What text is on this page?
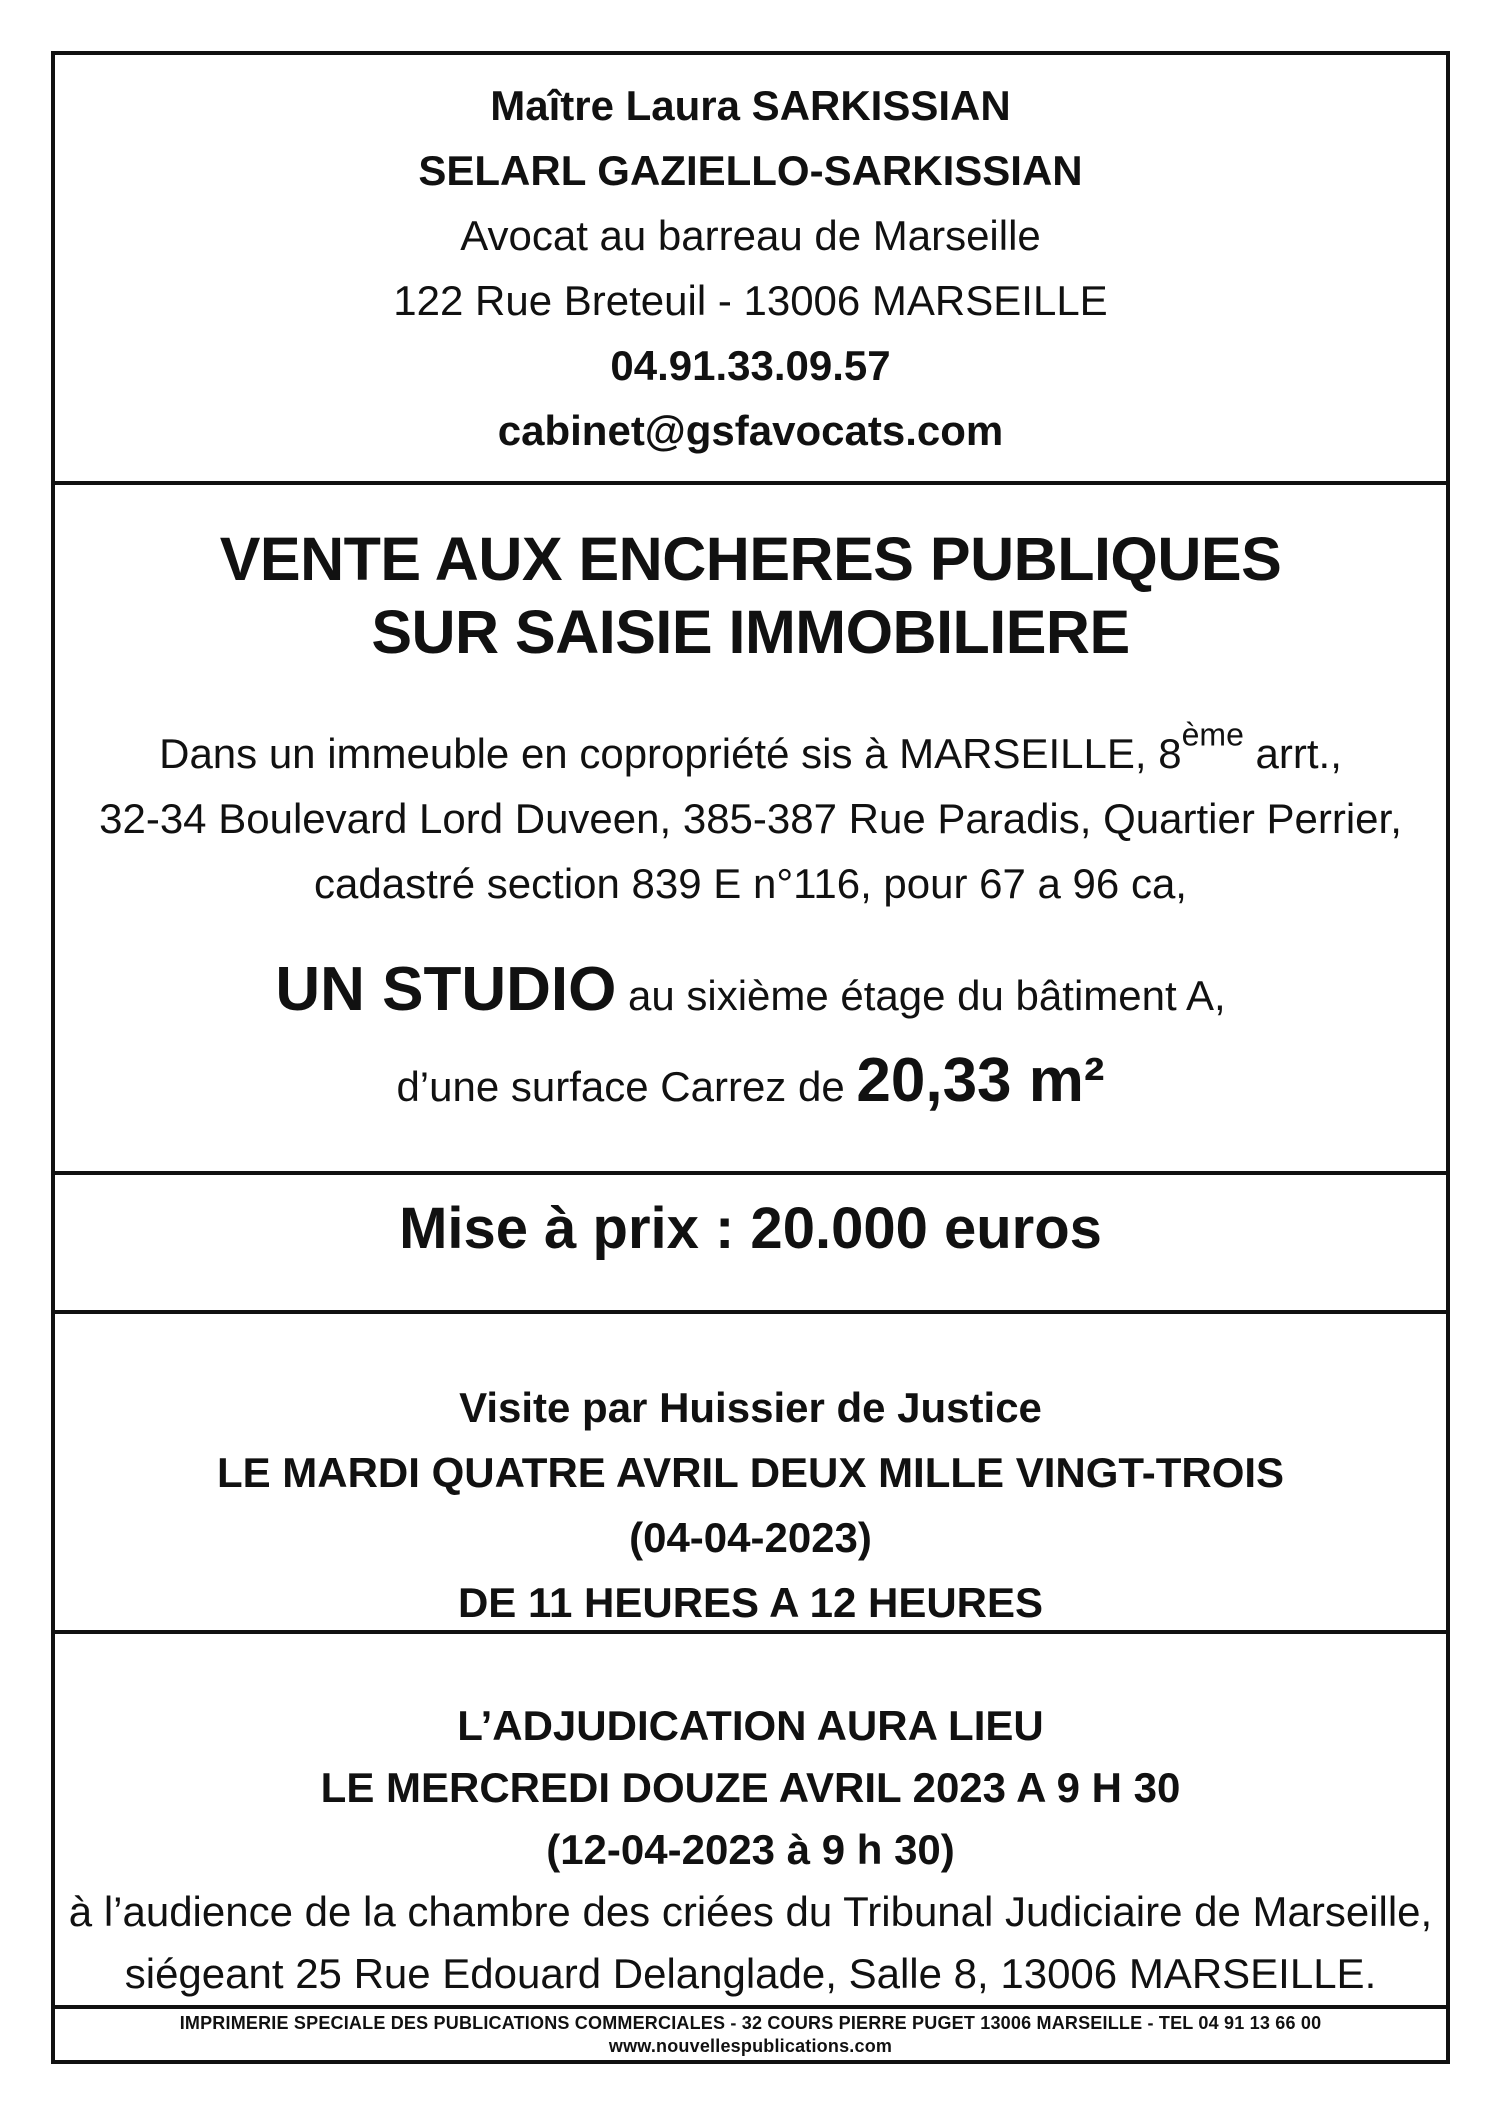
Maître Laura SARKISSIAN
SELARL GAZIELLO-SARKISSIAN
Avocat au barreau de Marseille
122 Rue Breteuil - 13006 MARSEILLE
04.91.33.09.57
cabinet@gsfavocats.com
VENTE AUX ENCHERES PUBLIQUES
SUR SAISIE IMMOBILIERE
Dans un immeuble en copropriété sis à MARSEILLE, 8ème arrt.,
32-34 Boulevard Lord Duveen, 385-387 Rue Paradis, Quartier Perrier,
cadastré section 839 E n°116, pour 67 a 96 ca,
UN STUDIO au sixième étage du bâtiment A,
d’une surface Carrez de 20,33 m²
Mise à prix : 20.000 euros
Visite par Huissier de Justice
LE MARDI QUATRE AVRIL DEUX MILLE VINGT-TROIS
(04-04-2023)
DE 11 HEURES A 12 HEURES
L’ADJUDICATION AURA LIEU
LE MERCREDI DOUZE AVRIL 2023 A 9 H 30
(12-04-2023 à 9 h 30)
à l’audience de la chambre des criées du Tribunal Judiciaire de Marseille,
siégeant 25 Rue Edouard Delanglade, Salle 8, 13006 MARSEILLE.
IMPRIMERIE SPECIALE DES PUBLICATIONS COMMERCIALES - 32 COURS PIERRE PUGET 13006 MARSEILLE - TEL 04 91 13 66 00
www.nouvellespublications.com
